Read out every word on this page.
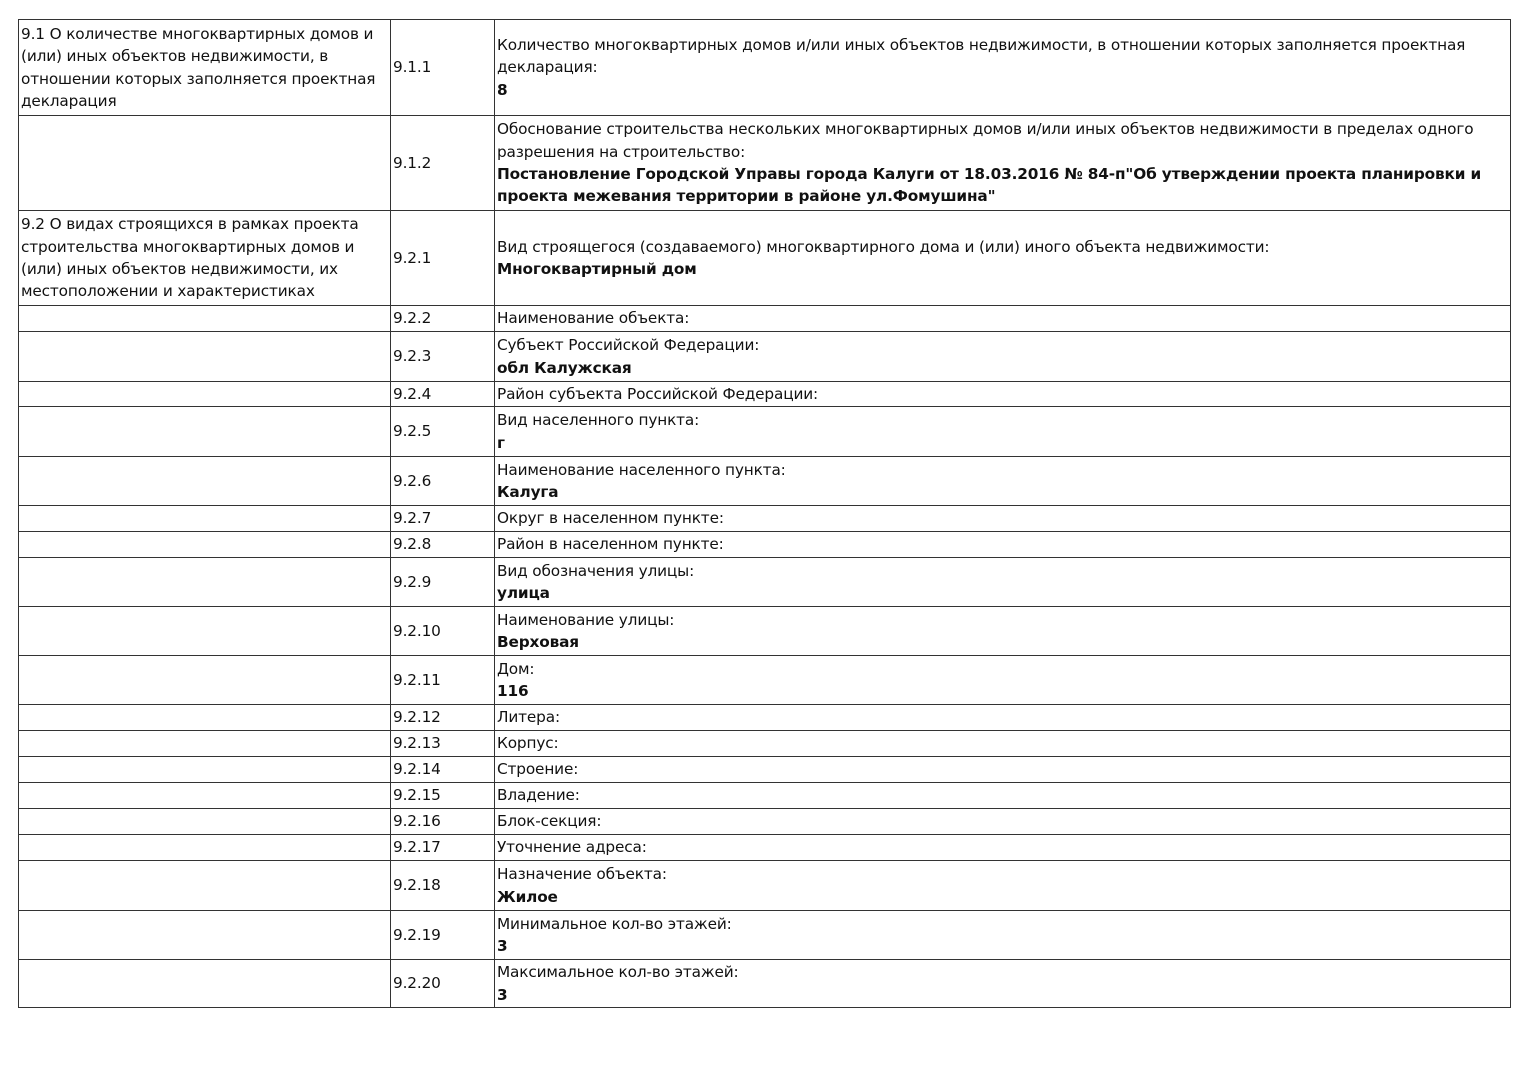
9.1 О количестве многоквартирных домов и (или) иных объектов недвижимости, в отношении которых заполняется проектная декларация	9.1.1	Количество многоквартирных домов и/или иных объектов недвижимости, в отношении которых заполняется проектная декларация:
8

	9.1.2	Обоснование строительства нескольких многоквартирных домов и/или иных объектов недвижимости в пределах одного разрешения на строительство:
Постановление Городской Управы города Калуги от 18.03.2016 № 84-п"Об утверждении проекта планировки и проекта межевания территории в районе ул.Фомушина"

9.2 О видах строящихся в рамках проекта строительства многоквартирных домов и (или) иных объектов недвижимости, их местоположении и характеристиках	9.2.1	Вид строящегося (создаваемого) многоквартирного дома и (или) иного объекта недвижимости:
Многоквартирный дом

	9.2.2	Наименование объекта:

	9.2.3	Субъект Российской Федерации:
обл Калужская

	9.2.4	Район субъекта Российской Федерации:

	9.2.5	Вид населенного пункта:
г

	9.2.6	Наименование населенного пункта:
Калуга

	9.2.7	Округ в населенном пункте:

	9.2.8	Район в населенном пункте:

	9.2.9	Вид обозначения улицы:
улица

	9.2.10	Наименование улицы:
Верховая

	9.2.11	Дом:
116

	9.2.12	Литера:

	9.2.13	Корпус:

	9.2.14	Строение:

	9.2.15	Владение:

	9.2.16	Блок-секция:

	9.2.17	Уточнение адреса:

	9.2.18	Назначение объекта:
Жилое

	9.2.19	Минимальное кол-во этажей:
3

	9.2.20	Максимальное кол-во этажей:
3
